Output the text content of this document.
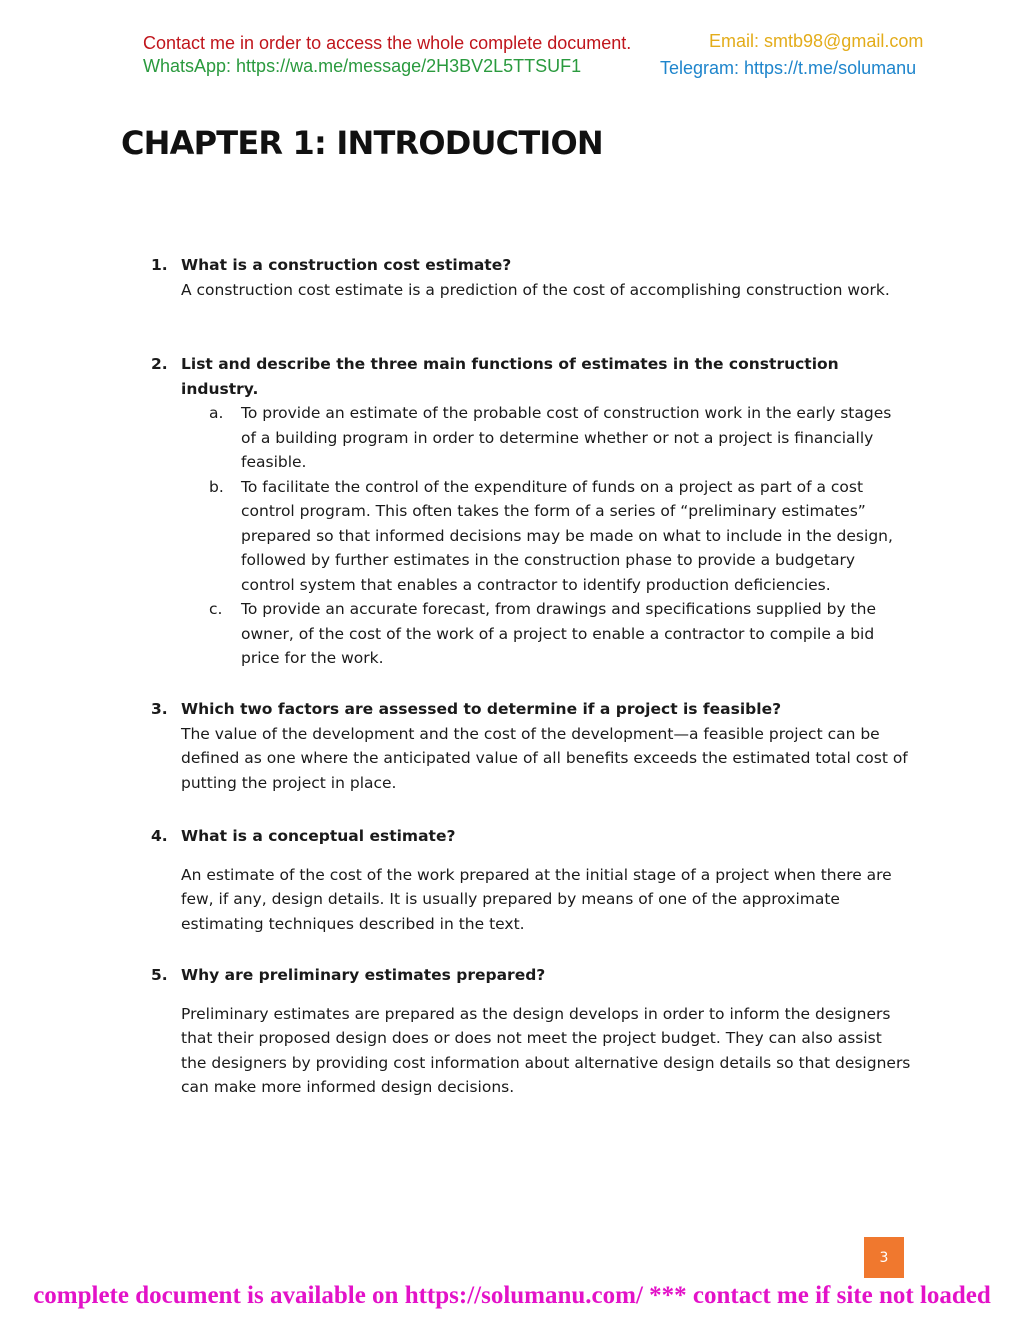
Contact me in order to access the whole complete document.	Email: smtb98@gmail.com
WhatsApp: https://wa.me/message/2H3BV2L5TTSUF1	Telegram: https://t.me/solumanu
CHAPTER 1: INTRODUCTION
1. What is a construction cost estimate?
A construction cost estimate is a prediction of the cost of accomplishing construction work.
2. List and describe the three main functions of estimates in the construction industry.
a. To provide an estimate of the probable cost of construction work in the early stages of a building program in order to determine whether or not a project is financially feasible.
b. To facilitate the control of the expenditure of funds on a project as part of a cost control program. This often takes the form of a series of “preliminary estimates” prepared so that informed decisions may be made on what to include in the design, followed by further estimates in the construction phase to provide a budgetary control system that enables a contractor to identify production deficiencies.
c. To provide an accurate forecast, from drawings and specifications supplied by the owner, of the cost of the work of a project to enable a contractor to compile a bid price for the work.
3. Which two factors are assessed to determine if a project is feasible?
The value of the development and the cost of the development—a feasible project can be defined as one where the anticipated value of all benefits exceeds the estimated total cost of putting the project in place.
4. What is a conceptual estimate?
An estimate of the cost of the work prepared at the initial stage of a project when there are few, if any, design details. It is usually prepared by means of one of the approximate estimating techniques described in the text.
5. Why are preliminary estimates prepared?
Preliminary estimates are prepared as the design develops in order to inform the designers that their proposed design does or does not meet the project budget. They can also assist the designers by providing cost information about alternative design details so that designers can make more informed design decisions.
3
complete document is available on https://solumanu.com/ *** contact me if site not loaded
